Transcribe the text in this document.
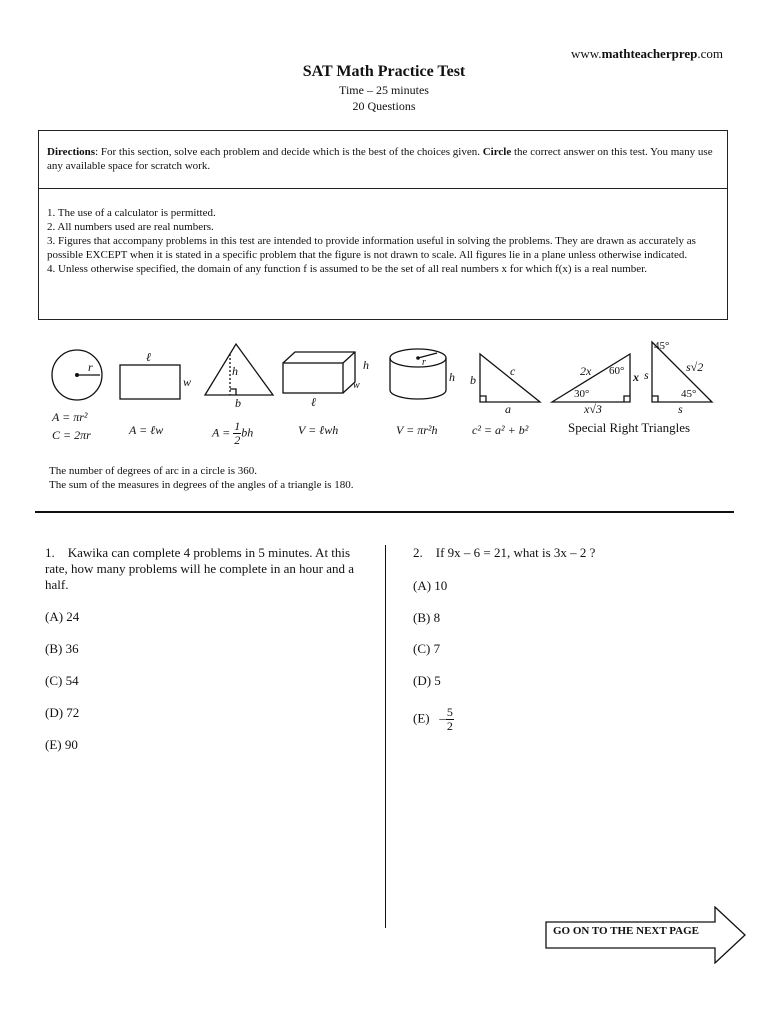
www.mathteacherprep.com
SAT Math Practice Test
Time – 25 minutes
20 Questions
Directions: For this section, solve each problem and decide which is the best of the choices given. Circle the correct answer on this test. You many use any available space for scratch work.
1. The use of a calculator is permitted.
2. All numbers used are real numbers.
3. Figures that accompany problems in this test are intended to provide information useful in solving the problems. They are drawn as accurately as possible EXCEPT when it is stated in a specific problem that the figure is not drawn to scale. All figures lie in a plane unless otherwise indicated.
4. Unless otherwise specified, the domain of any function f is assumed to be the set of all real numbers x for which f(x) is a real number.
r
ℓ
w
h
b
h
w
ℓ
r
h b
c
a
2x 60°
30°
x
x√3
45°
45°
s
s√2
s
A = πr²
C = 2πr	A = ℓw	$A = \frac{1}{2}$ bh	V = ℓwh	V = πr²h	c² = a² + b²	Special Right Triangles
The number of degrees of arc in a circle is 360.
The sum of the measures in degrees of the angles of a triangle is 180.
1. Kawika can complete 4 problems in 5 minutes. At this rate, how many problems will he complete in an hour and a half.
(A) 24
(B) 36
(C) 54
(D) 72
(E) 90
2. If 9x – 6 = 21, what is 3x – 2 ?
(A) 10
(B) 8
(C) 7
(D) 5
$(E) - \frac{5}{2}$
GO ON TO THE NEXT PAGE
